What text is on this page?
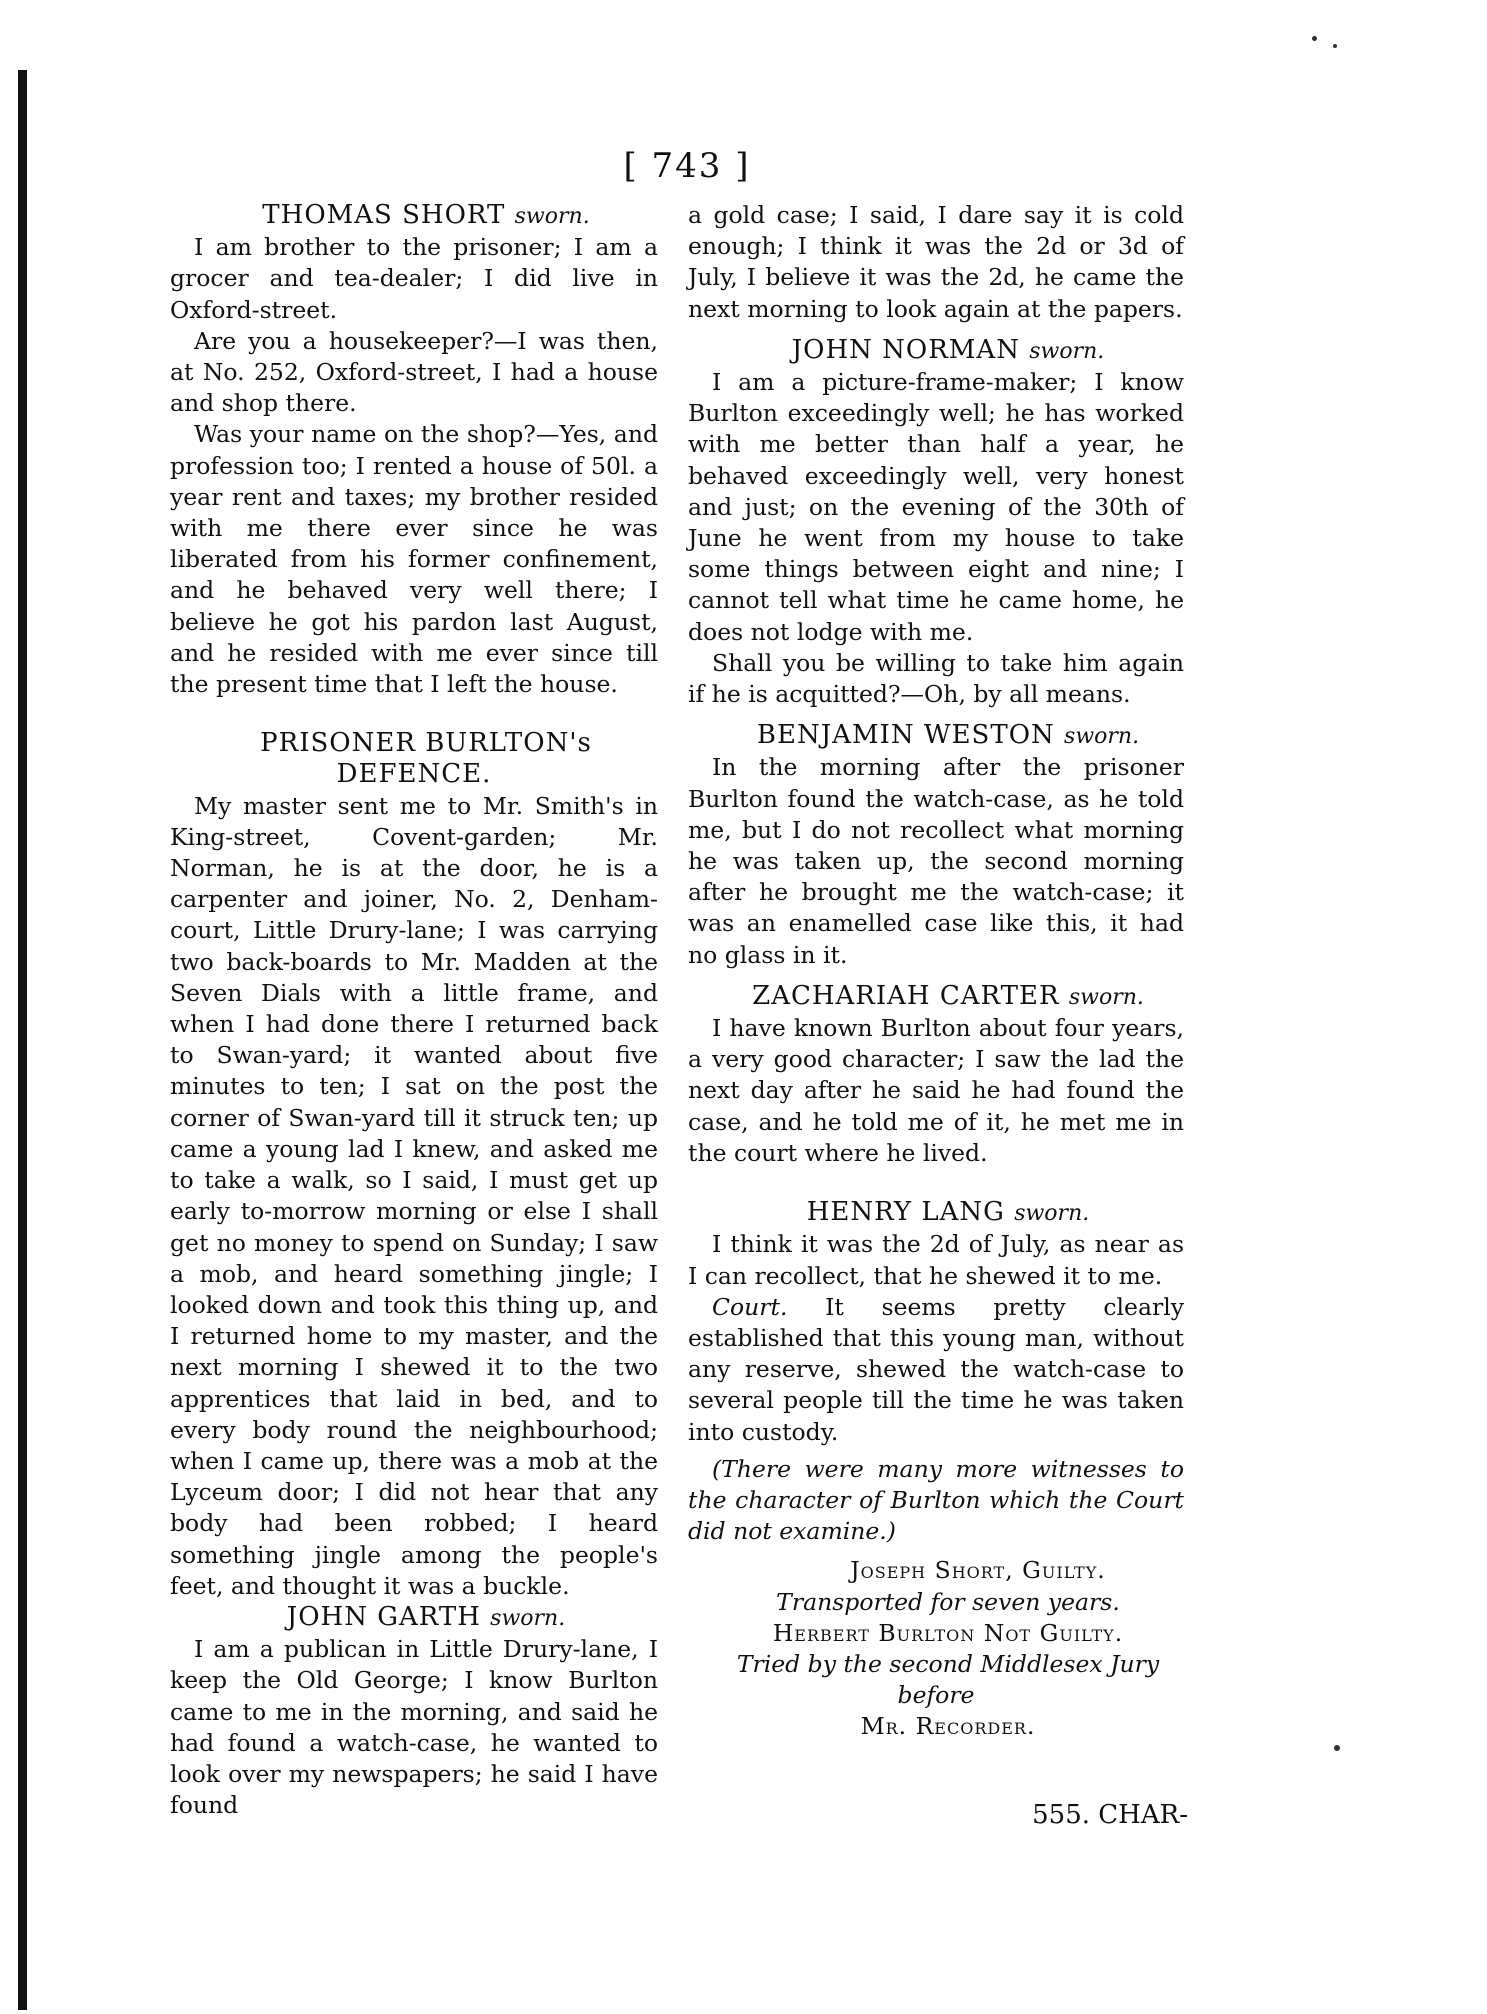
[ 743 ]

THOMAS SHORT sworn.

I am brother to the prisoner; I am a grocer and tea-dealer; I did live in Oxford-street.

Are you a housekeeper?—I was then, at No. 252, Oxford-street, I had a house and shop there.

Was your name on the shop?—Yes, and profession too; I rented a house of 50l. a year rent and taxes; my brother resided with me there ever since he was liberated from his former confinement, and he behaved very well there; I believe he got his pardon last August, and he resided with me ever since till the present time that I left the house.

PRISONER BURLTON's DEFENCE.

My master sent me to Mr. Smith's in King-street, Covent-garden; Mr. Norman, he is at the door, he is a carpenter and joiner, No. 2, Denham-court, Little Drury-lane; I was carrying two back-boards to Mr. Madden at the Seven Dials with a little frame, and when I had done there I returned back to Swan-yard; it wanted about five minutes to ten; I sat on the post the corner of Swan-yard till it struck ten; up came a young lad I knew, and asked me to take a walk, so I said, I must get up early to-morrow morning or else I shall get no money to spend on Sunday; I saw a mob, and heard something jingle; I looked down and took this thing up, and I returned home to my master, and the next morning I shewed it to the two apprentices that laid in bed, and to every body round the neighbourhood; when I came up, there was a mob at the Lyceum door; I did not hear that any body had been robbed; I heard something jingle among the people's feet, and thought it was a buckle.

JOHN GARTH sworn.

I am a publican in Little Drury-lane, I keep the Old George; I know Burlton came to me in the morning, and said he had found a watch-case, he wanted to look over my newspapers; he said I have found

a gold case; I said, I dare say it is cold enough; I think it was the 2d or 3d of July, I believe it was the 2d, he came the next morning to look again at the papers.

JOHN NORMAN sworn.

I am a picture-frame-maker; I know Burlton exceedingly well; he has worked with me better than half a year, he behaved exceedingly well, very honest and just; on the evening of the 30th of June he went from my house to take some things between eight and nine; I cannot tell what time he came home, he does not lodge with me.

Shall you be willing to take him again if he is acquitted?—Oh, by all means.

BENJAMIN WESTON sworn.

In the morning after the prisoner Burlton found the watch-case, as he told me, but I do not recollect what morning he was taken up, the second morning after he brought me the watch-case; it was an enamelled case like this, it had no glass in it.

ZACHARIAH CARTER sworn.

I have known Burlton about four years, a very good character; I saw the lad the next day after he said he had found the case, and he told me of it, he met me in the court where he lived.

HENRY LANG sworn.

I think it was the 2d of July, as near as I can recollect, that he shewed it to me.

Court. It seems pretty clearly established that this young man, without any reserve, shewed the watch-case to several people till the time he was taken into custody.

(There were many more witnesses to the character of Burlton which the Court did not examine.)

Joseph Short, Guilty.

Transported for seven years.

Herbert Burlton Not Guilty.

Tried by the second Middlesex Jury before

Mr. Recorder.

555. CHAR-
